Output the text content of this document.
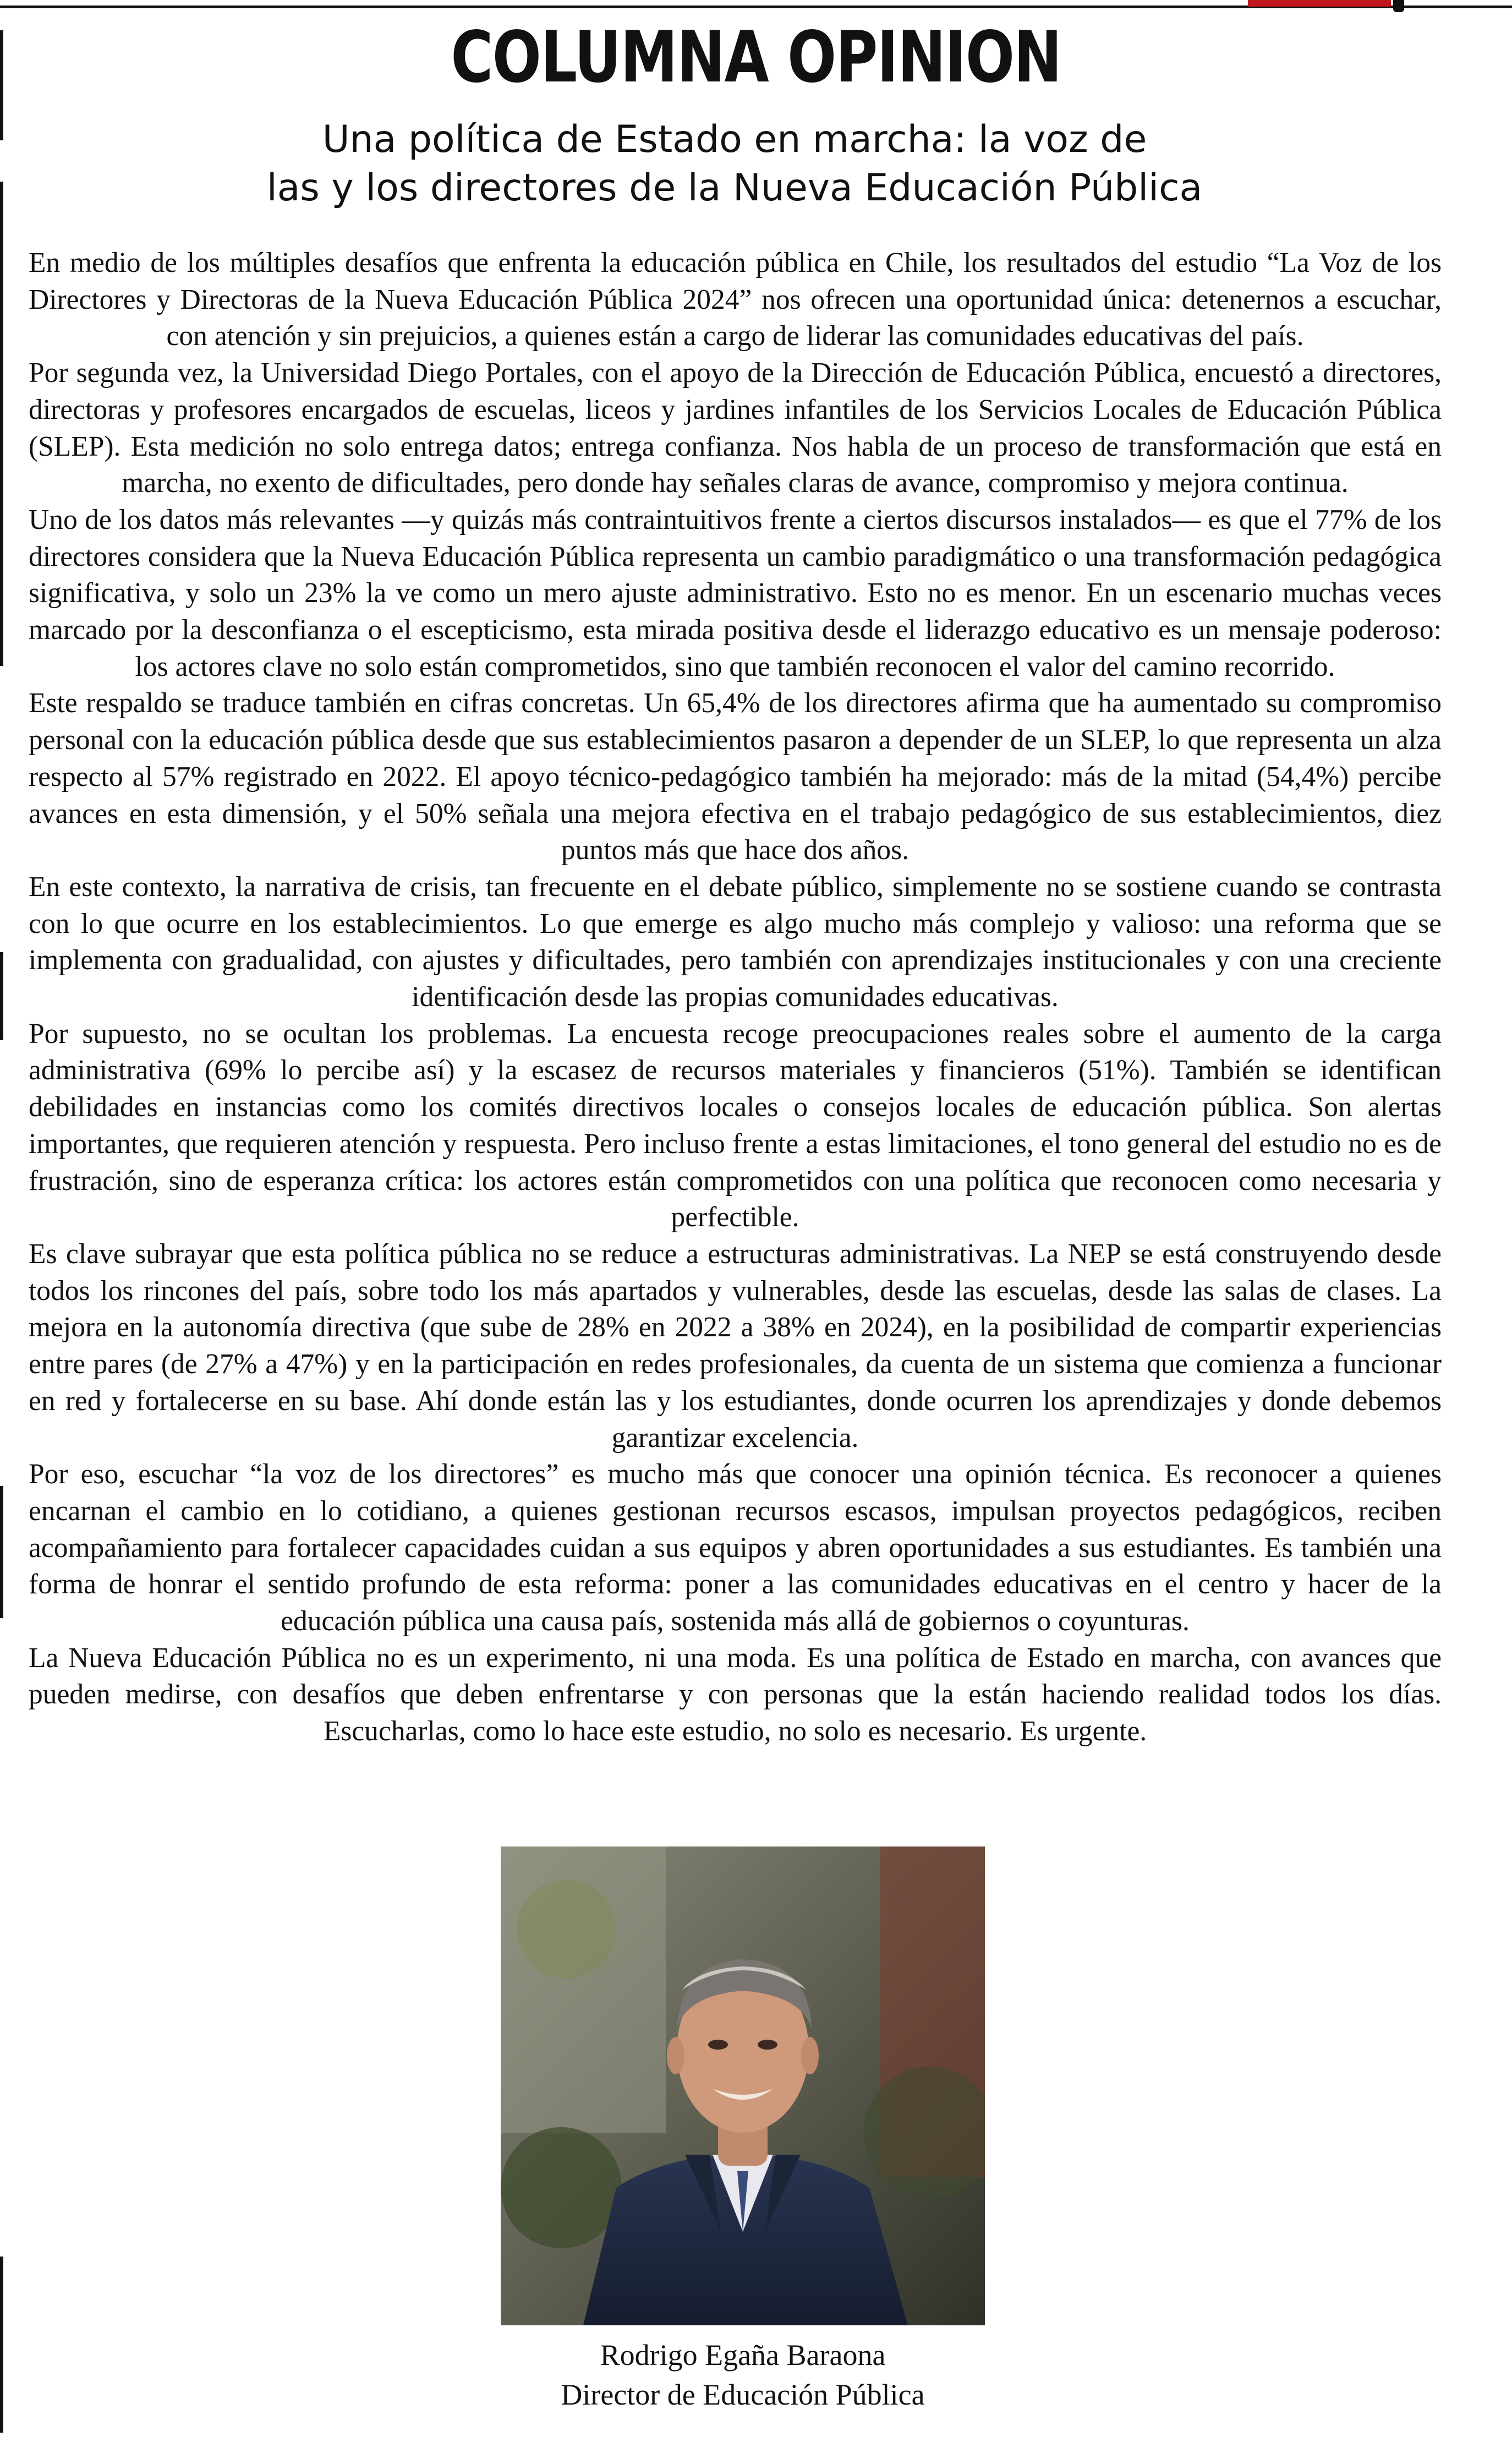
COLUMNA OPINION
Una política de Estado en marcha: la voz de
las y los directores de la Nueva Educación Pública

En medio de los múltiples desafíos que enfrenta la educación pública en Chile, los resultados del estudio “La Voz de los Directores y Directoras de la Nueva Educación Pública 2024” nos ofrecen una oportunidad única: detenernos a escuchar, con atención y sin prejuicios, a quienes están a cargo de liderar las comunidades educativas del país.

Por segunda vez, la Universidad Diego Portales, con el apoyo de la Dirección de Educación Pública, encuestó a directores, directoras y profesores encargados de escuelas, liceos y jardines infantiles de los Servicios Locales de Educación Pública (SLEP). Esta medición no solo entrega datos; entrega confianza. Nos habla de un proceso de transformación que está en marcha, no exento de dificultades, pero donde hay señales claras de avance, compromiso y mejora continua.

Uno de los datos más relevantes —y quizás más contraintuitivos frente a ciertos discursos instalados— es que el 77% de los directores considera que la Nueva Educación Pública representa un cambio paradigmático o una transformación pedagógica significativa, y solo un 23% la ve como un mero ajuste administrativo. Esto no es menor. En un escenario muchas veces marcado por la desconfianza o el escepticismo, esta mirada positiva desde el liderazgo educativo es un mensaje poderoso: los actores clave no solo están comprometidos, sino que también reconocen el valor del camino recorrido.

Este respaldo se traduce también en cifras concretas. Un 65,4% de los directores afirma que ha aumentado su compromiso personal con la educación pública desde que sus establecimientos pasaron a depender de un SLEP, lo que representa un alza respecto al 57% registrado en 2022. El apoyo técnico-pedagógico también ha mejorado: más de la mitad (54,4%) percibe avances en esta dimensión, y el 50% señala una mejora efectiva en el trabajo pedagógico de sus establecimientos, diez puntos más que hace dos años.

En este contexto, la narrativa de crisis, tan frecuente en el debate público, simplemente no se sostiene cuando se contrasta con lo que ocurre en los establecimientos. Lo que emerge es algo mucho más complejo y valioso: una reforma que se implementa con gradualidad, con ajustes y dificultades, pero también con aprendizajes institucionales y con una creciente identificación desde las propias comunidades educativas.

Por supuesto, no se ocultan los problemas. La encuesta recoge preocupaciones reales sobre el aumento de la carga administrativa (69% lo percibe así) y la escasez de recursos materiales y financieros (51%). También se identifican debilidades en instancias como los comités directivos locales o consejos locales de educación pública. Son alertas importantes, que requieren atención y respuesta. Pero incluso frente a estas limitaciones, el tono general del estudio no es de frustración, sino de esperanza crítica: los actores están comprometidos con una política que reconocen como necesaria y perfectible.

Es clave subrayar que esta política pública no se reduce a estructuras administrativas. La NEP se está construyendo desde todos los rincones del país, sobre todo los más apartados y vulnerables, desde las escuelas, desde las salas de clases. La mejora en la autonomía directiva (que sube de 28% en 2022 a 38% en 2024), en la posibilidad de compartir experiencias entre pares (de 27% a 47%) y en la participación en redes profesionales, da cuenta de un sistema que comienza a funcionar en red y fortalecerse en su base. Ahí donde están las y los estudiantes, donde ocurren los aprendizajes y donde debemos garantizar excelencia.

Por eso, escuchar “la voz de los directores” es mucho más que conocer una opinión técnica. Es reconocer a quienes encarnan el cambio en lo cotidiano, a quienes gestionan recursos escasos, impulsan proyectos pedagógicos, reciben acompañamiento para fortalecer capacidades cuidan a sus equipos y abren oportunidades a sus estudiantes. Es también una forma de honrar el sentido profundo de esta reforma: poner a las comunidades educativas en el centro y hacer de la educación pública una causa país, sostenida más allá de gobiernos o coyunturas.

La Nueva Educación Pública no es un experimento, ni una moda. Es una política de Estado en marcha, con avances que pueden medirse, con desafíos que deben enfrentarse y con personas que la están haciendo realidad todos los días. Escucharlas, como lo hace este estudio, no solo es necesario. Es urgente.

Rodrigo Egaña Baraona
Director de Educación Pública
